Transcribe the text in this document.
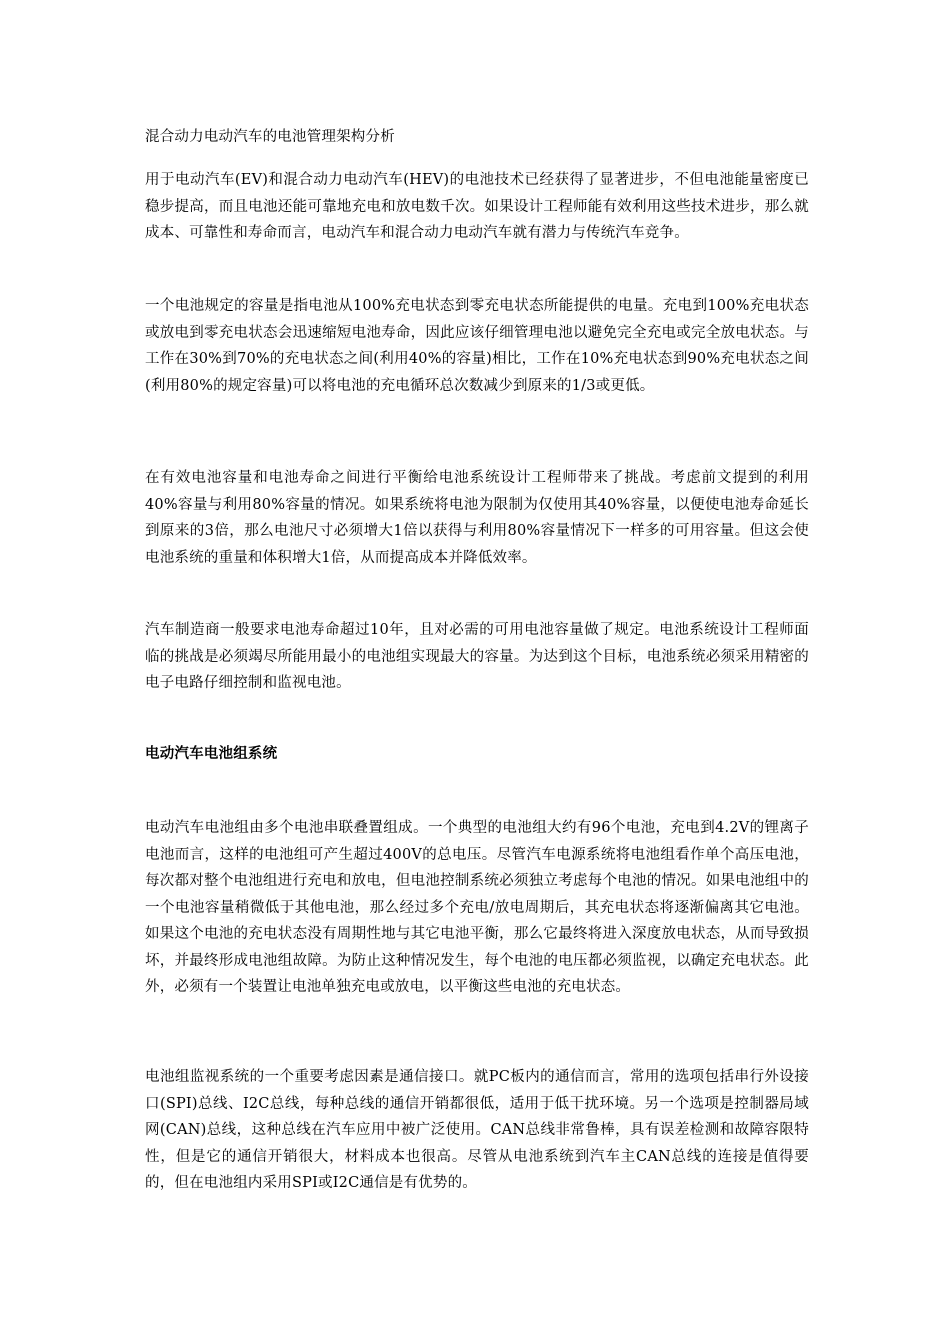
混合动力电动汽车的电池管理架构分析

用于电动汽车(EV)和混合动力电动汽车(HEV)的电池技术已经获得了显著进步，不但电池能量密度已稳步提高，而且电池还能可靠地充电和放电数千次。如果设计工程师能有效利用这些技术进步，那么就成本、可靠性和寿命而言，电动汽车和混合动力电动汽车就有潜力与传统汽车竞争。

一个电池规定的容量是指电池从100%充电状态到零充电状态所能提供的电量。充电到100%充电状态或放电到零充电状态会迅速缩短电池寿命，因此应该仔细管理电池以避免完全充电或完全放电状态。与工作在30%到70%的充电状态之间(利用40%的容量)相比，工作在10%充电状态到90%充电状态之间(利用80%的规定容量)可以将电池的充电循环总次数减少到原来的1/3或更低。

在有效电池容量和电池寿命之间进行平衡给电池系统设计工程师带来了挑战。考虑前文提到的利用40%容量与利用80%容量的情况。如果系统将电池为限制为仅使用其40%容量，以便使电池寿命延长到原来的3倍，那么电池尺寸必须增大1倍以获得与利用80%容量情况下一样多的可用容量。但这会使电池系统的重量和体积增大1倍，从而提高成本并降低效率。

汽车制造商一般要求电池寿命超过10年，且对必需的可用电池容量做了规定。电池系统设计工程师面临的挑战是必须竭尽所能用最小的电池组实现最大的容量。为达到这个目标，电池系统必须采用精密的电子电路仔细控制和监视电池。

电动汽车电池组系统

电动汽车电池组由多个电池串联叠置组成。一个典型的电池组大约有96个电池，充电到4.2V的锂离子电池而言，这样的电池组可产生超过400V的总电压。尽管汽车电源系统将电池组看作单个高压电池，每次都对整个电池组进行充电和放电，但电池控制系统必须独立考虑每个电池的情况。如果电池组中的一个电池容量稍微低于其他电池，那么经过多个充电/放电周期后，其充电状态将逐渐偏离其它电池。如果这个电池的充电状态没有周期性地与其它电池平衡，那么它最终将进入深度放电状态，从而导致损坏，并最终形成电池组故障。为防止这种情况发生，每个电池的电压都必须监视，以确定充电状态。此外，必须有一个装置让电池单独充电或放电，以平衡这些电池的充电状态。

电池组监视系统的一个重要考虑因素是通信接口。就PC板内的通信而言，常用的选项包括串行外设接口(SPI)总线、I2C总线，每种总线的通信开销都很低，适用于低干扰环境。另一个选项是控制器局域网(CAN)总线，这种总线在汽车应用中被广泛使用。CAN总线非常鲁棒，具有误差检测和故障容限特性，但是它的通信开销很大，材料成本也很高。尽管从电池系统到汽车主CAN总线的连接是值得要的，但在电池组内采用SPI或I2C通信是有优势的。
